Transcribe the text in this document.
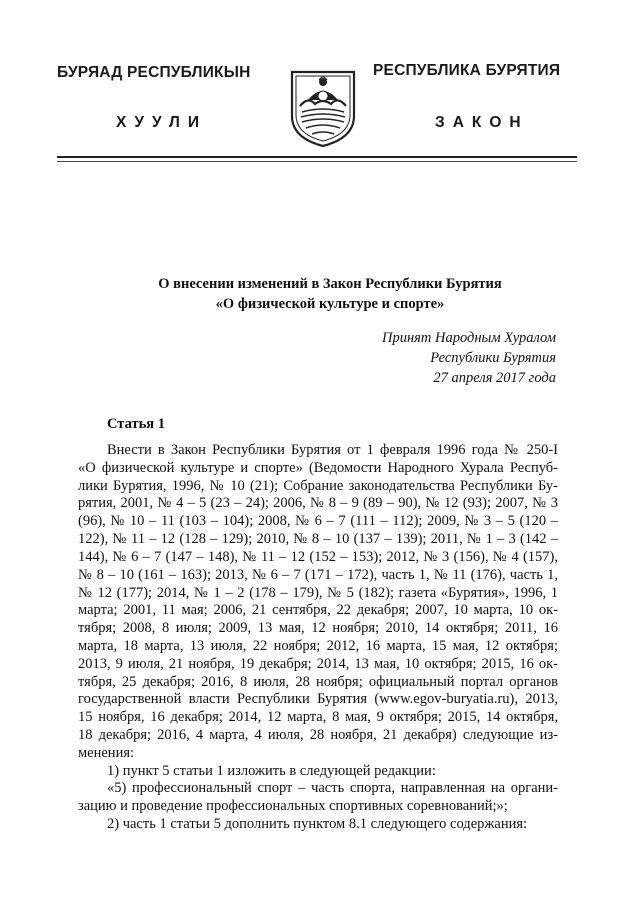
БУРЯАД РЕСПУБЛИКЫН
ХУУЛИ
РЕСПУБЛИКА БУРЯТИЯ
ЗАКОН
О внесении изменений в Закон Республики Бурятия
«О физической культуре и спорте»
Принят Народным Хуралом
Республики Бурятия
27 апреля 2017 года
Статья 1
Внести в Закон Республики Бурятия от 1 февраля 1996 года № 250-I
«О физической культуре и спорте» (Ведомости Народного Хурала Респуб-
лики Бурятия, 1996, № 10 (21); Собрание законодательства Республики Бу-
рятия, 2001, № 4 – 5 (23 – 24); 2006, № 8 – 9 (89 – 90), № 12 (93); 2007, № 3
(96), № 10 – 11 (103 – 104); 2008, № 6 – 7 (111 – 112); 2009, № 3 – 5 (120 –
122), № 11 – 12 (128 – 129); 2010, № 8 – 10 (137 – 139); 2011, № 1 – 3 (142 –
144), № 6 – 7 (147 – 148), № 11 – 12 (152 – 153); 2012, № 3 (156), № 4 (157),
№ 8 – 10 (161 – 163); 2013, № 6 – 7 (171 – 172), часть 1, № 11 (176), часть 1,
№ 12 (177); 2014, № 1 – 2 (178 – 179), № 5 (182); газета «Бурятия», 1996, 1
марта; 2001, 11 мая; 2006, 21 сентября, 22 декабря; 2007, 10 марта, 10 ок-
тября; 2008, 8 июля; 2009, 13 мая, 12 ноября; 2010, 14 октября; 2011, 16
марта, 18 марта, 13 июля, 22 ноября; 2012, 16 марта, 15 мая, 12 октября;
2013, 9 июля, 21 ноября, 19 декабря; 2014, 13 мая, 10 октября; 2015, 16 ок-
тября, 25 декабря; 2016, 8 июля, 28 ноября; официальный портал органов
государственной власти Республики Бурятия (www.egov-buryatia.ru), 2013,
15 ноября, 16 декабря; 2014, 12 марта, 8 мая, 9 октября; 2015, 14 октября,
18 декабря; 2016, 4 марта, 4 июля, 28 ноября, 21 декабря) следующие из-
менения:
1) пункт 5 статьи 1 изложить в следующей редакции:
«5) профессиональный спорт – часть спорта, направленная на органи-
зацию и проведение профессиональных спортивных соревнований;»;
2) часть 1 статьи 5 дополнить пунктом 8.1 следующего содержания:
